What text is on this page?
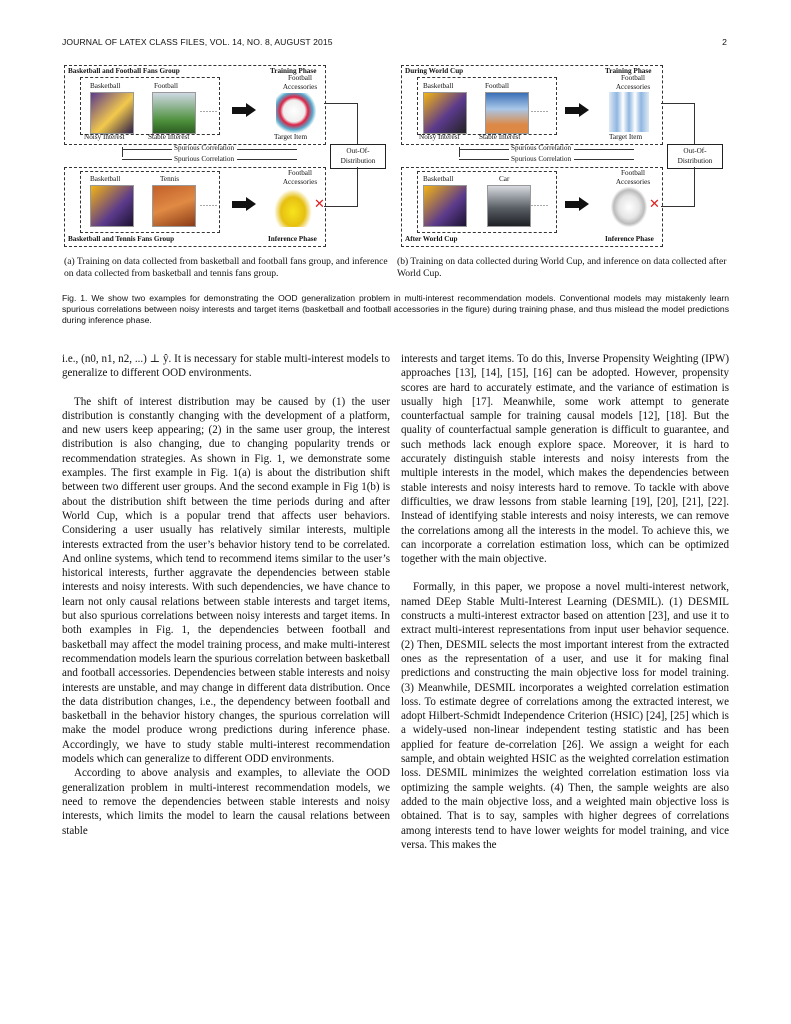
JOURNAL OF LATEX CLASS FILES, VOL. 14, NO. 8, AUGUST 2015	2
Basketball and Football Fans Group	Training Phase
Basketball	Football
......
Noisy Interest	Stable Interest
Football Accessories
Target Item
Spurious Correlation
Spurious Correlation
Out-Of-Distribution
Basketball	Tennis
......
Football Accessories
✕
Basketball and Tennis Fans Group	Inference Phase
During World Cup	Training Phase
Basketball	Football
......
Noisy Interest	Stable Interest
Football Accessories
Target Item
Spurious Correlation
Spurious Correlation
Out-Of-Distribution
Basketball	Car
......
Football Accessories
✕
After World Cup	Inference Phase
(a) Training on data collected from basketball and football fans group, and inference on data collected from basketball and tennis fans group.
(b) Training on data collected during World Cup, and inference on data collected after World Cup.
Fig. 1. We show two examples for demonstrating the OOD generalization problem in multi-interest recommendation models. Conventional models may mistakenly learn spurious correlations between noisy interests and target items (basketball and football accessories in the figure) during training phase, and thus mislead the model predictions during inference phase.

i.e., (n0, n1, n2, ...) ⊥ ŷ. It is necessary for stable multi-interest models to generalize to different OOD environments.

The shift of interest distribution may be caused by (1) the user distribution is constantly changing with the development of a platform, and new users keep appearing; (2) in the same user group, the interest distribution is also changing, due to changing popularity trends or recommendation strategies. As shown in Fig. 1, we demonstrate some examples. The first example in Fig. 1(a) is about the distribution shift between two different user groups. And the second example in Fig 1(b) is about the distribution shift between the time periods during and after World Cup, which is a popular trend that affects user behaviors. Considering a user usually has relatively similar interests, multiple interests extracted from the user’s behavior history tend to be correlated. And online systems, which tend to recommend items similar to the user’s historical interests, further aggravate the dependencies between stable interests and noisy interests. With such dependencies, we have chance to learn not only causal relations between stable interests and target items, but also spurious correlations between noisy interests and target items. In both examples in Fig. 1, the dependencies between football and basketball may affect the model training process, and make multi-interest recommendation models learn the spurious correlation between basketball and football accessories. Dependencies between stable interests and noisy interests are unstable, and may change in different data distribution. Once the data distribution changes, i.e., the dependency between football and basketball in the behavior history changes, the spurious correlation will make the model produce wrong predictions during inference phase. Accordingly, we have to study stable multi-interest recommendation models which can generalize to different ODD environments.

According to above analysis and examples, to alleviate the OOD generalization problem in multi-interest recommendation models, we need to remove the dependencies between stable interests and noisy interests, which limits the model to learn the causal relations between stable

interests and target items. To do this, Inverse Propensity Weighting (IPW) approaches [13], [14], [15], [16] can be adopted. However, propensity scores are hard to accurately estimate, and the variance of estimation is usually high [17]. Meanwhile, some work attempt to generate counterfactual sample for training causal models [12], [18]. But the quality of counterfactual sample generation is difficult to guarantee, and such methods lack enough explore space. Moreover, it is hard to accurately distinguish stable interests and noisy interests from the multiple interests in the model, which makes the dependencies between stable interests and noisy interests hard to remove. To tackle with above difficulties, we draw lessons from stable learning [19], [20], [21], [22]. Instead of identifying stable interests and noisy interests, we can remove the correlations among all the interests in the model. To achieve this, we can incorporate a correlation estimation loss, which can be optimized together with the main objective.

Formally, in this paper, we propose a novel multi-interest network, named DEep Stable Multi-Interest Learning (DESMIL). (1) DESMIL constructs a multi-interest extractor based on attention [23], and use it to extract multi-interest representations from input user behavior sequence. (2) Then, DESMIL selects the most important interest from the extracted ones as the representation of a user, and use it for making final predictions and constructing the main objective loss for model training. (3) Meanwhile, DESMIL incorporates a weighted correlation estimation loss. To estimate degree of correlations among the extracted interest, we adopt Hilbert-Schmidt Independence Criterion (HSIC) [24], [25] which is a widely-used non-linear independent testing statistic and has been applied for feature de-correlation [26]. We assign a weight for each sample, and obtain weighted HSIC as the weighted correlation estimation loss. DESMIL minimizes the weighted correlation estimation loss via optimizing the sample weights. (4) Then, the sample weights are also added to the main objective loss, and a weighted main objective loss is obtained. That is to say, samples with higher degrees of correlations among interests tend to have lower weights for model training, and vice versa. This makes the
